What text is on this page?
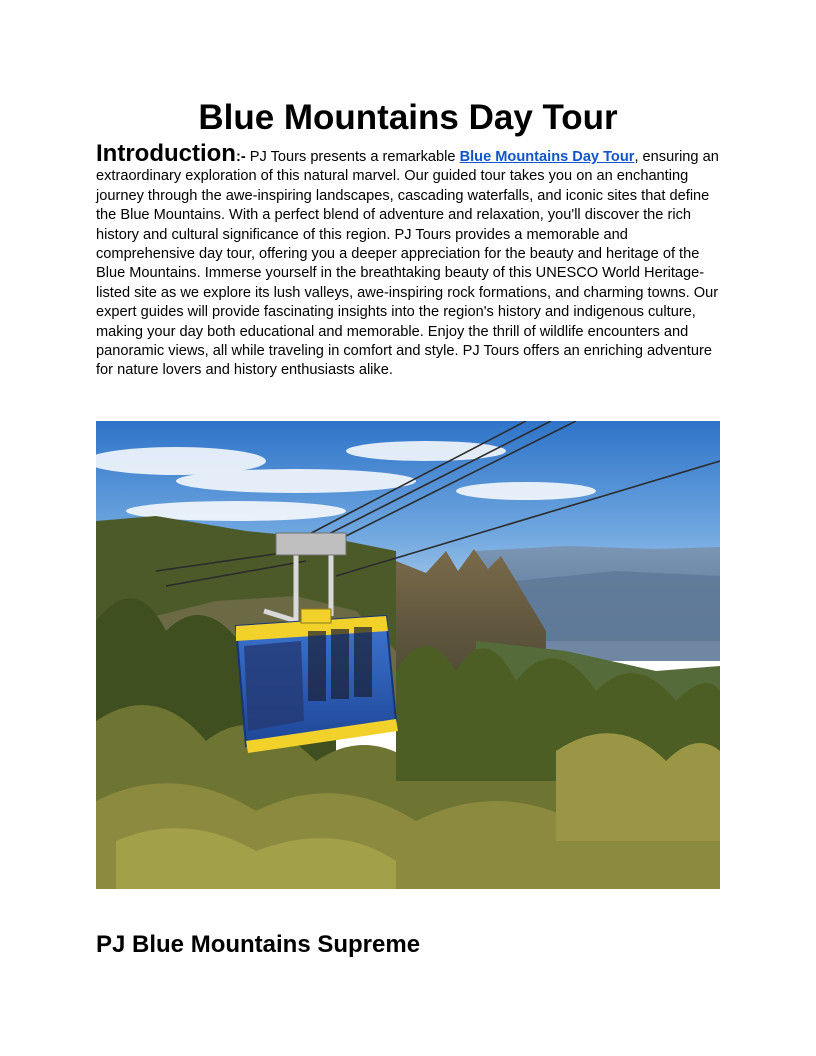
Blue Mountains Day Tour

Introduction:- PJ Tours presents a remarkable Blue Mountains Day Tour, ensuring an extraordinary exploration of this natural marvel. Our guided tour takes you on an enchanting journey through the awe-inspiring landscapes, cascading waterfalls, and iconic sites that define the Blue Mountains. With a perfect blend of adventure and relaxation, you'll discover the rich history and cultural significance of this region. PJ Tours provides a memorable and comprehensive day tour, offering you a deeper appreciation for the beauty and heritage of the Blue Mountains. Immerse yourself in the breathtaking beauty of this UNESCO World Heritage-listed site as we explore its lush valleys, awe-inspiring rock formations, and charming towns. Our expert guides will provide fascinating insights into the region's history and indigenous culture, making your day both educational and memorable. Enjoy the thrill of wildlife encounters and panoramic views, all while traveling in comfort and style. PJ Tours offers an enriching adventure for nature lovers and history enthusiasts alike.

PJ Blue Mountains Supreme
